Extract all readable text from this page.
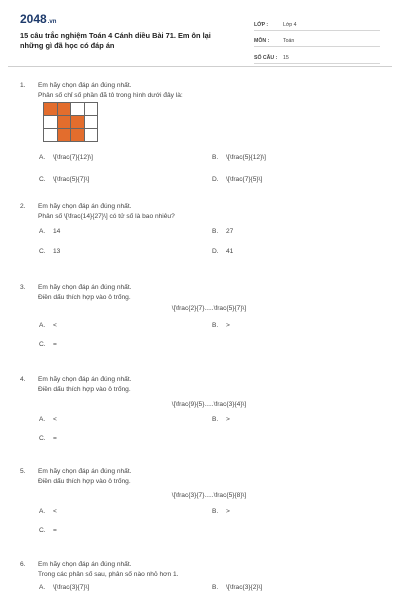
2048.vn
15 câu trắc nghiệm Toán 4 Cánh diều Bài 71. Em ôn lại những gì đã học có đáp án
LỚP :	Lớp 4
MÔN :	Toán
SỐ CÂU :	15
1.	Em hãy chọn đáp án đúng nhất.
Phân số chỉ số phần đã tô trong hình dưới đây là:
A.	\[\frac{7}{12}\]	B.	\[\frac{5}{12}\]
C.	\[\frac{5}{7}\]	D.	\[\frac{7}{5}\]
2.	Em hãy chọn đáp án đúng nhất.
Phân số \[\frac{14}{27}\] có tử số là bao nhiêu?
A.	14	B.	27
C.	13	D.	41
3.	Em hãy chọn đáp án đúng nhất.
Điền dấu thích hợp vào ô trống.
\[\frac{2}{7}.....\frac{5}{7}\]
A.	<	B.	>
C.	=
4.	Em hãy chọn đáp án đúng nhất.
Điền dấu thích hợp vào ô trống.
\[\frac{9}{5}.....\frac{3}{4}\]
A.	<	B.	>
C.	=
5.	Em hãy chọn đáp án đúng nhất.
Điền dấu thích hợp vào ô trống.
\[\frac{3}{7}.....\frac{5}{8}\]
A.	<	B.	>
C.	=
6.	Em hãy chọn đáp án đúng nhất.
Trong các phân số sau, phân số nào nhỏ hơn 1.
A.	\[\frac{3}{7}\]	B.	\[\frac{3}{2}\]
